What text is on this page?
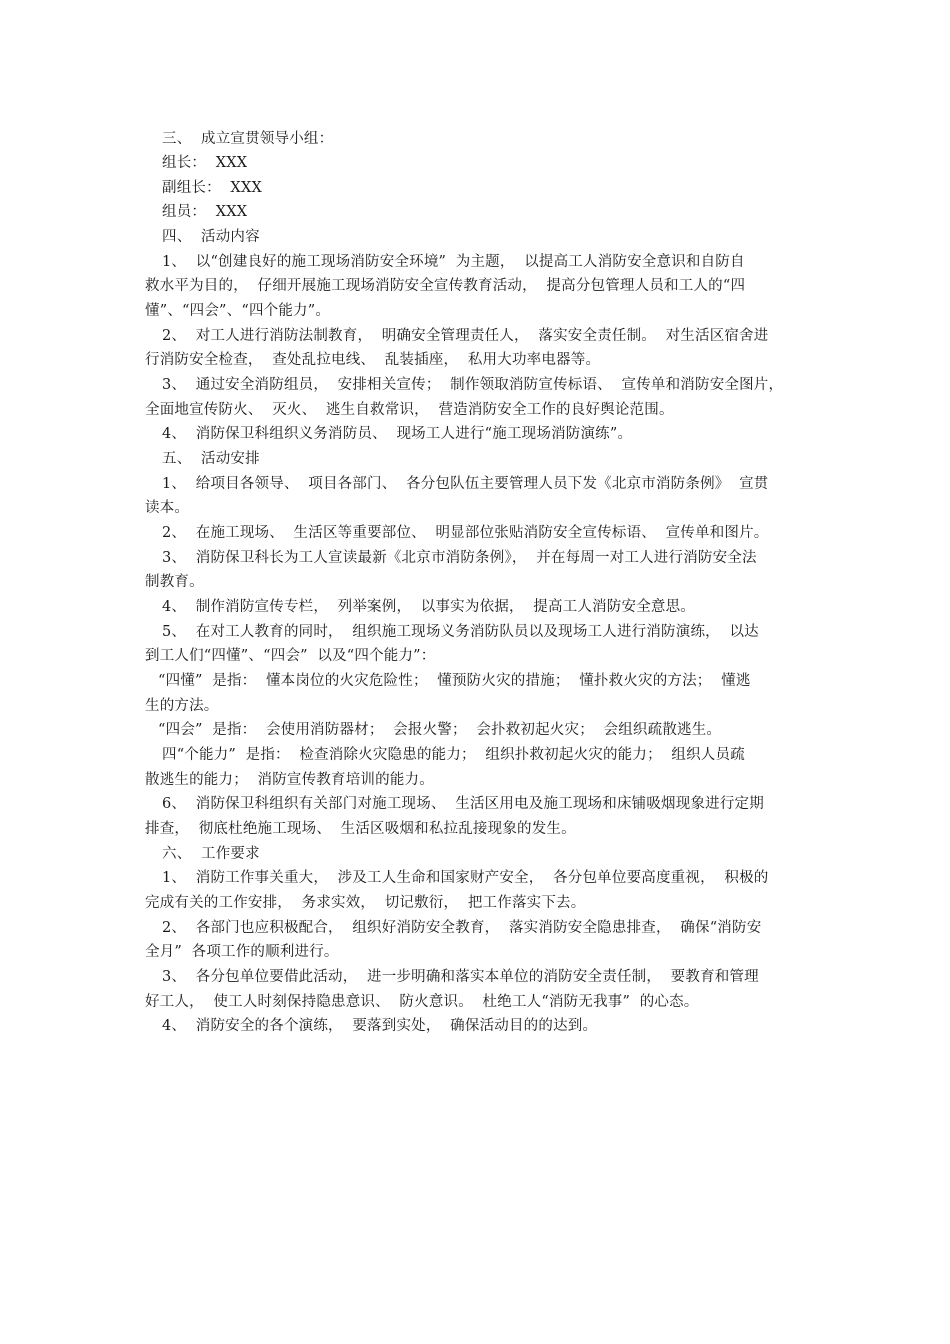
三、  成立宣贯领导小组：
组长：  XXX
副组长：  XXX
组员：  XXX
四、  活动内容
1、  以“创建良好的施工现场消防安全环境”  为主题，  以提高工人消防安全意识和自防自
救水平为目的，  仔细开展施工现场消防安全宣传教育活动，  提高分包管理人员和工人的“四
懂”、“四会”、“四个能力”。
2、  对工人进行消防法制教育，  明确安全管理责任人，  落实安全责任制。  对生活区宿舍进
行消防安全检查，  查处乱拉电线、  乱装插座，  私用大功率电器等。
3、  通过安全消防组员，  安排相关宣传；  制作领取消防宣传标语、  宣传单和消防安全图片，
全面地宣传防火、  灭火、  逃生自救常识，  营造消防安全工作的良好舆论范围。
4、  消防保卫科组织义务消防员、  现场工人进行“施工现场消防演练”。
五、  活动安排
1、  给项目各领导、  项目各部门、  各分包队伍主要管理人员下发《北京市消防条例》  宣贯
读本。
2、  在施工现场、  生活区等重要部位、  明显部位张贴消防安全宣传标语、  宣传单和图片。
3、  消防保卫科长为工人宣读最新《北京市消防条例》，  并在每周一对工人进行消防安全法
制教育。
4、  制作消防宣传专栏，  列举案例，  以事实为依据，  提高工人消防安全意思。
5、  在对工人教育的同时，  组织施工现场义务消防队员以及现场工人进行消防演练，  以达
到工人们“四懂”、“四会”  以及“四个能力”：
“四懂”  是指：  懂本岗位的火灾危险性；  懂预防火灾的措施；  懂扑救火灾的方法；  懂逃
生的方法。
“四会”  是指：  会使用消防器材；  会报火警；  会扑救初起火灾；  会组织疏散逃生。
四“个能力”  是指：  检查消除火灾隐患的能力；  组织扑救初起火灾的能力；  组织人员疏
散逃生的能力；  消防宣传教育培训的能力。
6、  消防保卫科组织有关部门对施工现场、  生活区用电及施工现场和床铺吸烟现象进行定期
排查，  彻底杜绝施工现场、  生活区吸烟和私拉乱接现象的发生。
六、  工作要求
1、  消防工作事关重大，  涉及工人生命和国家财产安全，  各分包单位要高度重视，  积极的
完成有关的工作安排，  务求实效，  切记敷衍，  把工作落实下去。
2、  各部门也应积极配合，  组织好消防安全教育，  落实消防安全隐患排查，  确保“消防安
全月”  各项工作的顺利进行。
3、  各分包单位要借此活动，  进一步明确和落实本单位的消防安全责任制，  要教育和管理
好工人，  使工人时刻保持隐患意识、  防火意识。  杜绝工人“消防无我事”  的心态。
4、  消防安全的各个演练，  要落到实处，  确保活动目的的达到。
